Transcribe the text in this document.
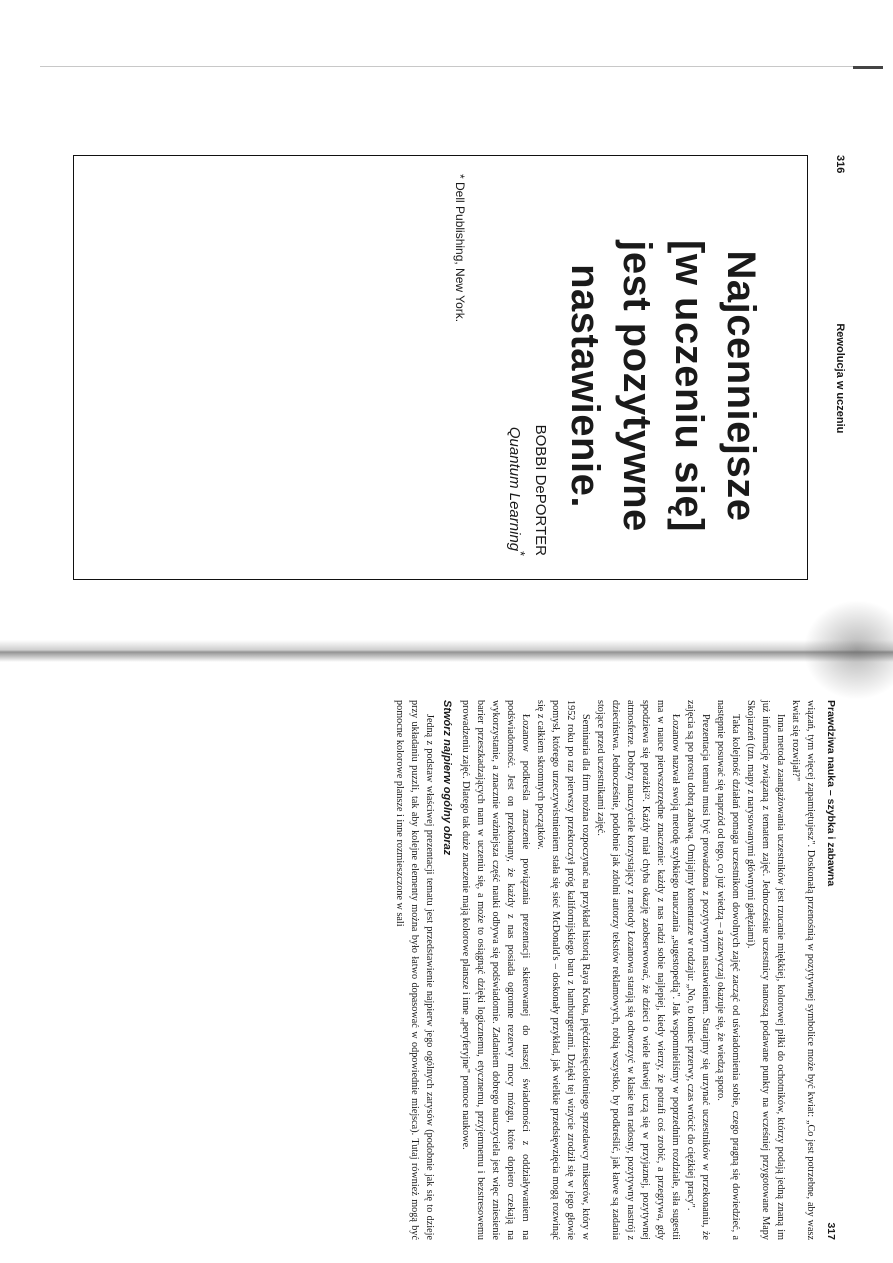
316
Rewolucja w uczeniu
Najcenniejsze
[w uczeniu się]
jest pozytywne
nastawienie.
BOBBI DePORTER
Quantum Learning*
* Dell Publishing, New York.
Prawdziwa nauka – szybka i zabawna
317

wiązań, tym więcej zapamiętujesz". Doskonałą przenośnią w pozytywnej symbolice może być kwiat: „Co jest potrzebne, aby wasz kwiat się rozwijał?"

Inna metoda zaangażowania uczestników jest rzucanie miękkiej, kolorowej piłki do ochotników, którzy podają jedną znaną im już informację związaną z tematem zajęć. Jednocześnie uczestnicy nanoszą podawane punkty na wcześniej przygotowane Mapy Skojarzeń (tzn. mapy z narysowanymi głównymi gałęziami).

Taka kolejność działań pomaga uczestnikom dowolnych zajęć zacząć od uświadomienia sobie, czego pragną się dowiedzieć, a następnie posuwać się naprzód od tego, co już wiedzą – a zazwyczaj okazuje się, że wiedzą sporo.

Prezentacja tematu musi być prowadzona z pozytywnym nastawieniem. Starajmy się urzynać uczestników w przekonaniu, że zajęcia są po prostu dobrą zabawą. Omijajmy komentarze w rodzaju: „No, to koniec przerwy, czas wrócić do ciężkiej pracy".

Łozanow nazwał swoją metodę szybkiego nauczania „sugestopedią". Jak wspomnieliśmy w poprzednim rozdziale, siła sugestii ma w nauce pierwszorzędne znaczenie: każdy z nas radzi sobie najlepiej, kiedy wierzy, że potrafi coś zrobić, a przegrywa, gdy spodziewa się porażki²². Każdy miał chyba okazję zaobserwować, że dzieci o wiele łatwiej uczą się w przyjaznej, pozytywnej atmosferze. Dobrzy nauczyciele korzystający z metody Łozanowa starają się odtworzyć w klasie ten radosny, pozytywny nastrój z dzieciństwa. Jednocześnie, podobnie jak zdolni autorzy tekstów reklamowych, robią wszystko, by podkreślić, jak łatwe są zadania stojące przed uczestnikami zajęć.

Seminaria dla firm można rozpoczynać na przykład historią Raya Kroka, pięćdziesięcioletniego sprzedawcy mikserów, który w 1952 roku po raz pierwszy przekroczył próg kalifornijskiego baru z hamburgerami. Dzięki tej wizycie zrodził się w jego głowie pomysł, którego urzeczywistnieniem stała się sieć McDonald's – doskonały przykład, jak wielkie przedsięwzięcia mogą rozwinąć się z całkiem skromnych początków.

Łozanow podkreśla znaczenie powiązania prezentacji skierowanej do naszej świadomości z oddziaływaniem na podświadomość. Jest on przekonany, że każdy z nas posiada ogromne rezerwy mocy mózgu, które dopiero czekają na wykorzystanie, a znacznie ważniejsza część nauki odbywa się podświadomie. Zadaniem dobrego nauczyciela jest więc zniesienie barier przeszkadzających nam w uczeniu się, a może to osiągnąć dzięki logicznemu, etycznemu, przyjemnemu i bezstresowemu prowadzeniu zajęć. Dlatego tak duże znaczenie mają kolorowe plansze i inne „peryferyjne" pomoce naukowe.

Stwórz najpierw ogólny obraz

Jedną z podstaw właściwej prezentacji tematu jest przedstawienie najpierw jego ogólnych zarysów (podobnie jak się to dzieje przy układaniu puzzli, tak aby kolejne elementy można było łatwo dopasować w odpowiednie miejsca). Tutaj również mogą być pomocne kolorowe plansze i inne rozmieszczone w sali
